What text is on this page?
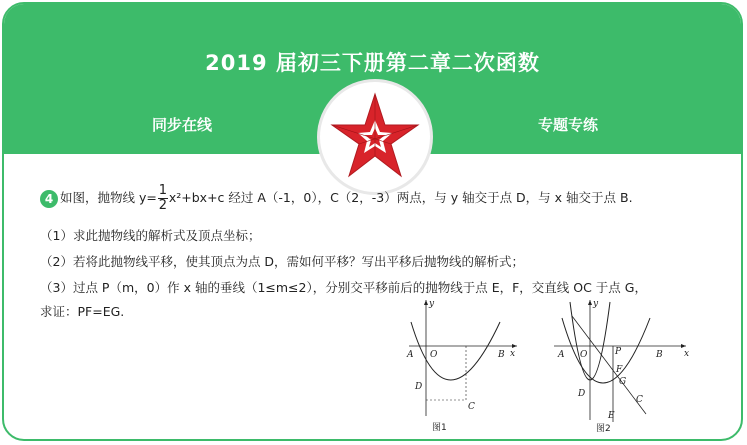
2019 届初三下册第二章二次函数
同步在线	专题专练
4 如图，抛物线 $y= \frac{1}{2} x^2+bx+c$ 经过 A（-1，0），C（2，-3）两点，与 y 轴交于点 D，与 x 轴交于点 B.
（1）求此抛物线的解析式及顶点坐标；
（2）若将此抛物线平移，使其顶点为点 D，需如何平移？写出平移后抛物线的解析式；
（3）过点 P（m，0）作 x 轴的垂线（1≤m≤2），分别交平移前后的抛物线于点 E，F，交直线 OC 于点 G，
求证：PF=EG.	y
x
A O	B
D
C
图1
y
x
A O	P	B
F
G
D
C
E
图2
